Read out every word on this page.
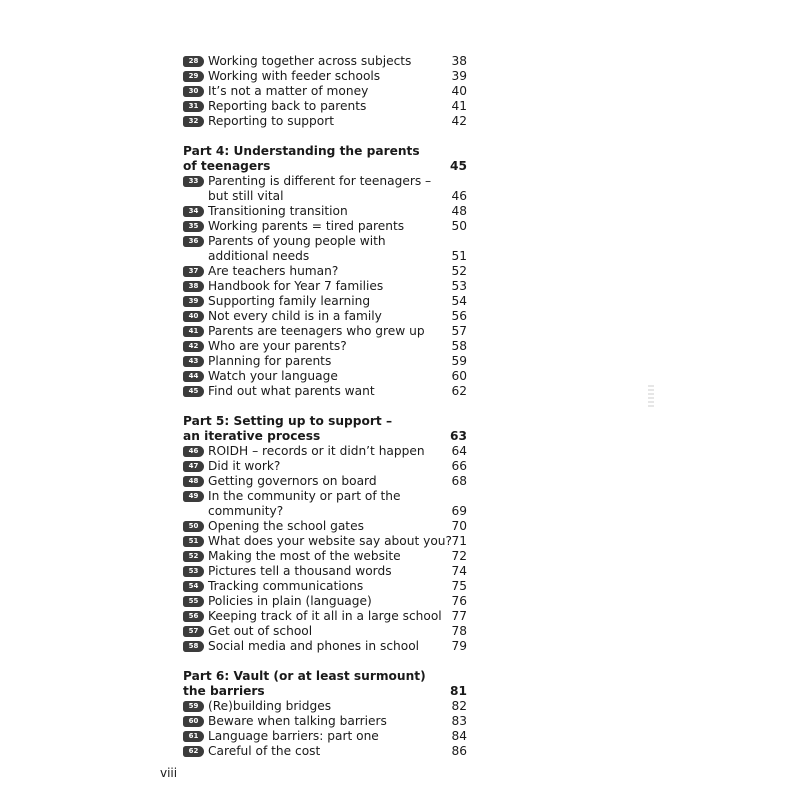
28 Working together across subjects	38
29 Working with feeder schools	39
30 It’s not a matter of money	40
31 Reporting back to parents	41
32 Reporting to support	42
Part 4: Understanding the parents
of teenagers	45
33 Parenting is different for teenagers – but still vital	46
34 Transitioning transition	48
35 Working parents = tired parents	50
36 Parents of young people with additional needs	51
37 Are teachers human?	52
38 Handbook for Year 7 families	53
39 Supporting family learning	54
40 Not every child is in a family	56
41 Parents are teenagers who grew up	57
42 Who are your parents?	58
43 Planning for parents	59
44 Watch your language	60
45 Find out what parents want	62
Part 5: Setting up to support –
an iterative process	63
46 ROIDH – records or it didn’t happen	64
47 Did it work?	66
48 Getting governors on board	68
49 In the community or part of the community?	69
50 Opening the school gates	70
51 What does your website say about you? 71
52 Making the most of the website	72
53 Pictures tell a thousand words	74
54 Tracking communications	75
55 Policies in plain (language)	76
56 Keeping track of it all in a large school 77
57 Get out of school	78
58 Social media and phones in school	79
Part 6: Vault (or at least surmount)
the barriers	81
59 (Re)building bridges	82
60 Beware when talking barriers	83
61 Language barriers: part one	84
62 Careful of the cost	86
viii
